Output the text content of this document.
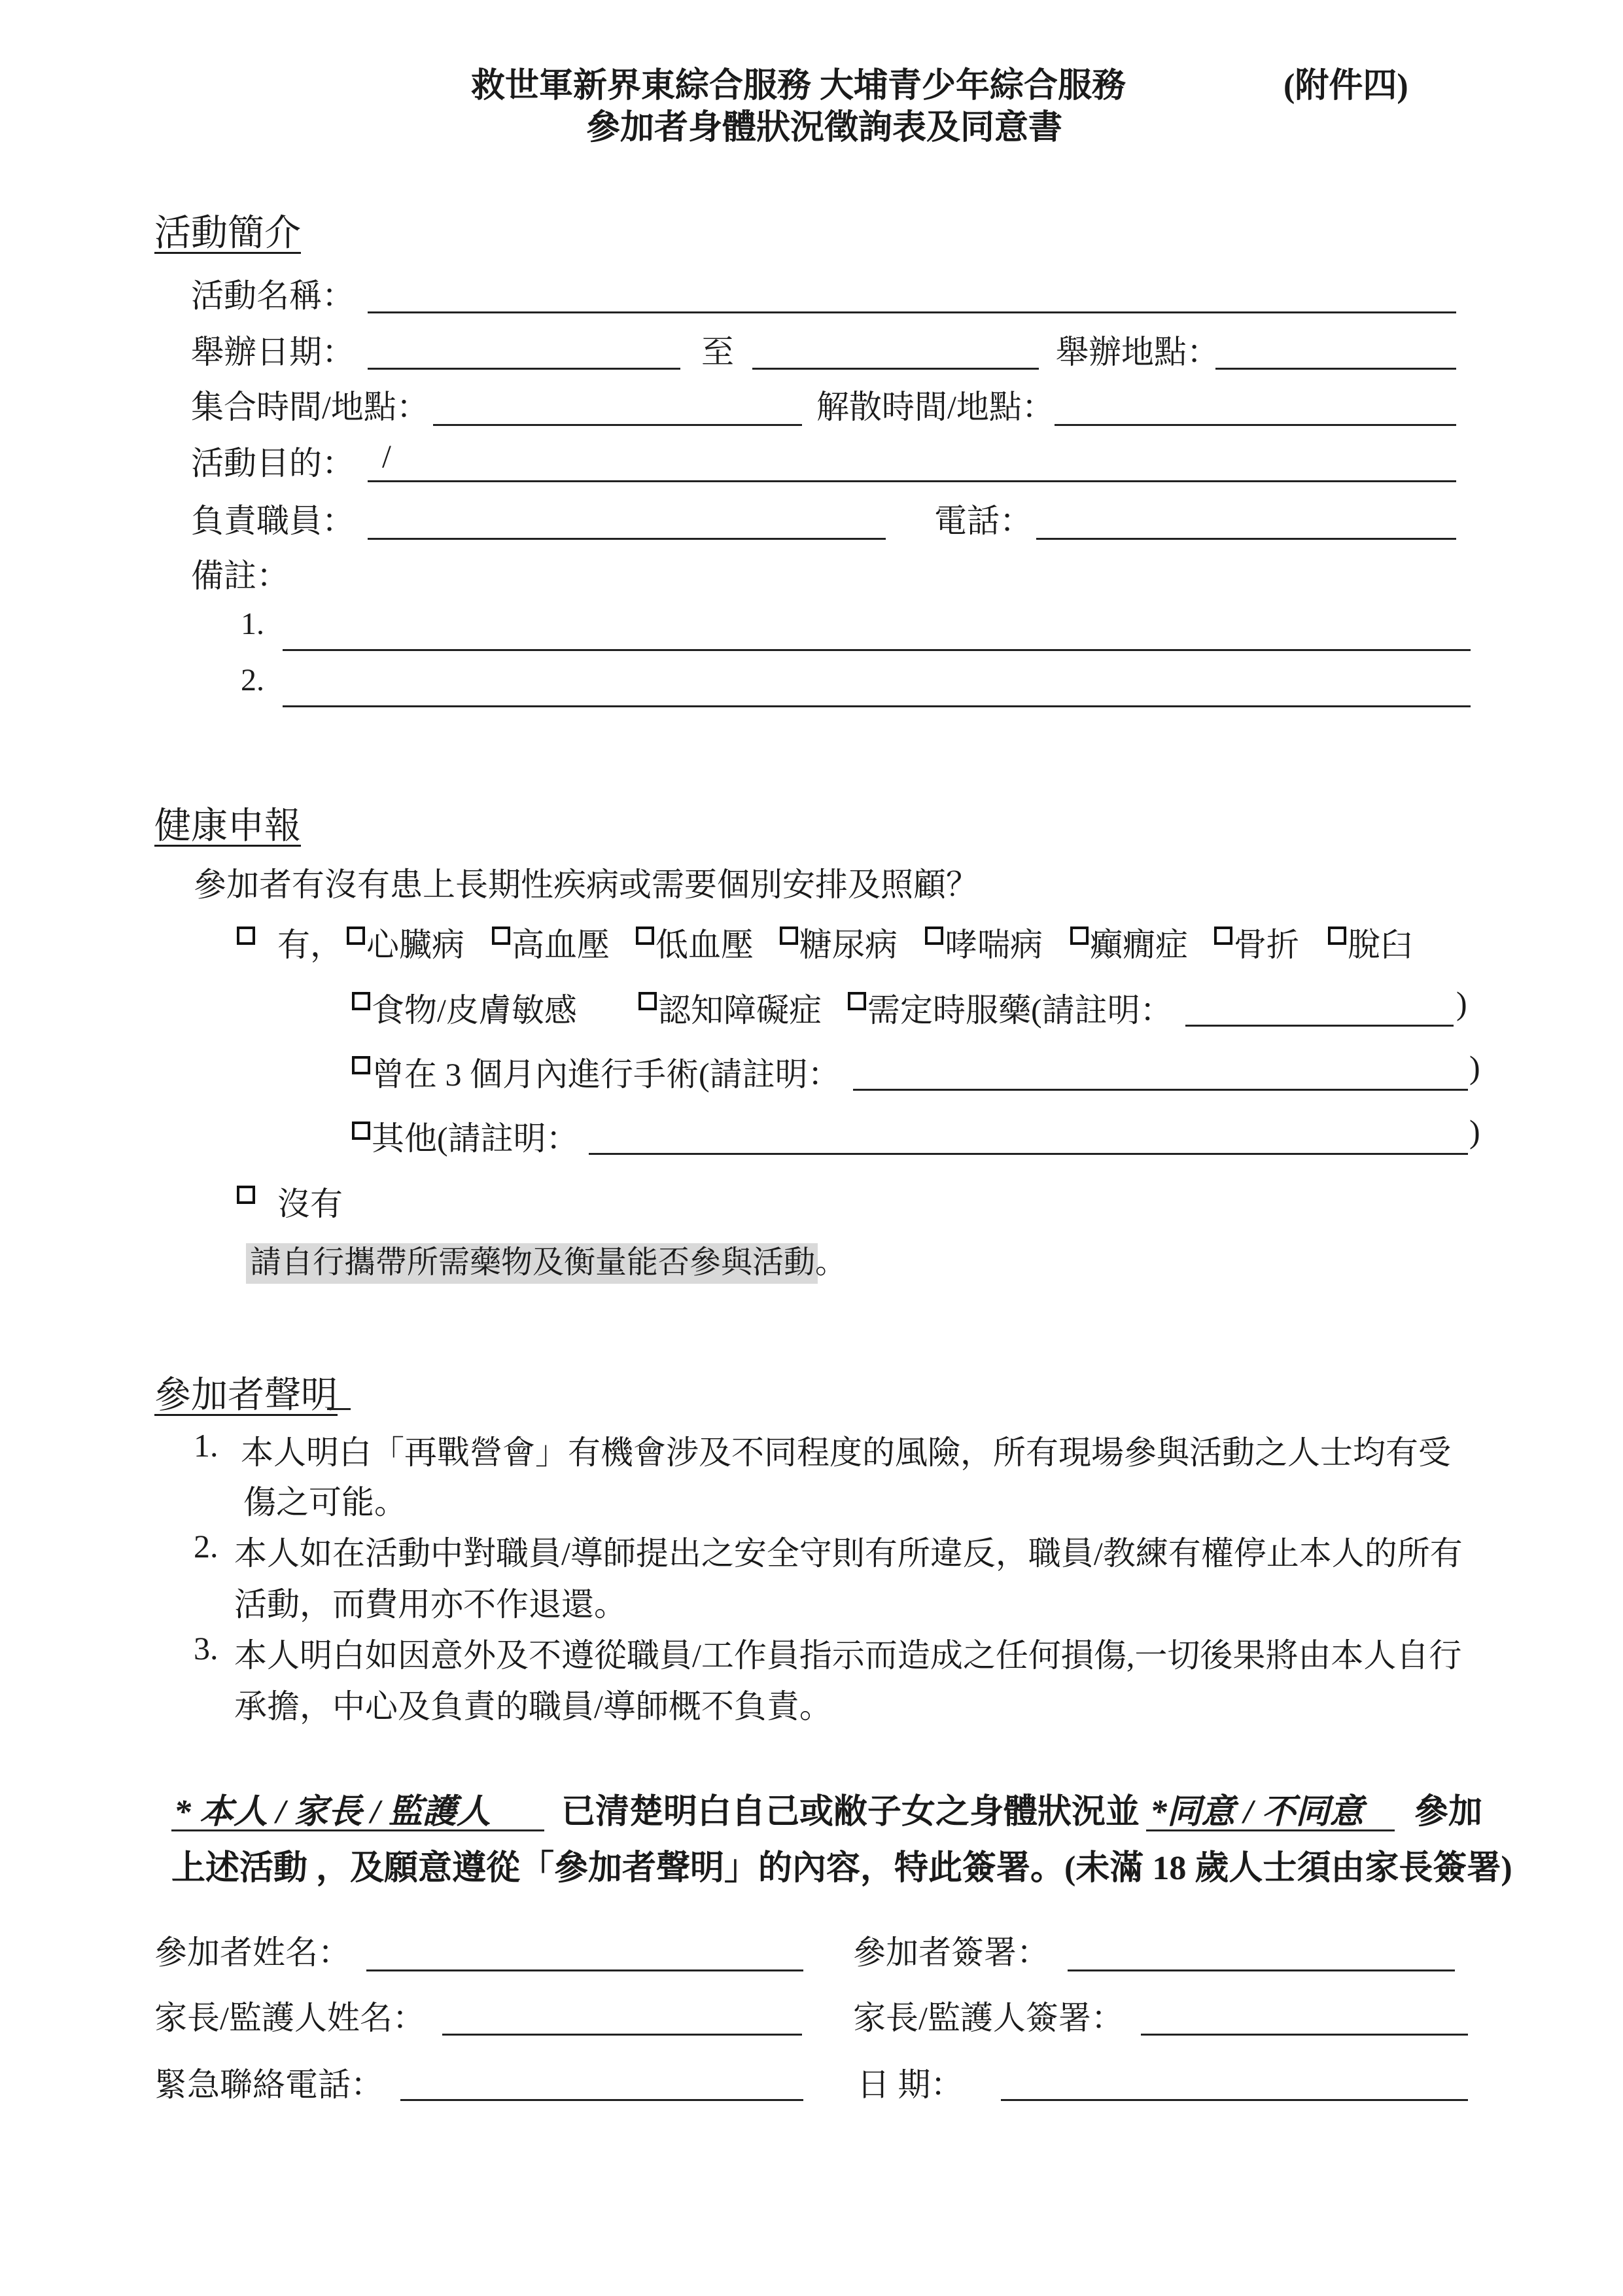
救世軍新界東綜合服務 大埔青少年綜合服務	(附件四)
參加者身體狀況徵詢表及同意書
活動簡介
活動名稱：
舉辦日期：	至	舉辦地點：
集合時間/地點：	解散時間/地點：
活動目的： /
負責職員：	電話：
備註：
1.
2.
健康申報
參加者有沒有患上長期性疾病或需要個別安排及照顧？
有， 心臟病 高血壓 低血壓 糖尿病 哮喘病 癲癇症 骨折 脫臼
食物/皮膚敏感 認知障礙症 需定時服藥(請註明：	)
曾在 3 個月內進行手術(請註明：	)
其他(請註明：	)
沒有
請自行攜帶所需藥物及衡量能否參與活動。
參加者聲明
1. 本人明白「再戰營會」有機會涉及不同程度的風險，所有現場參與活動之人士均有受
傷之可能。
2. 本人如在活動中對職員/導師提出之安全守則有所違反，職員/教練有權停止本人的所有
活動，而費用亦不作退還。
3. 本人明白如因意外及不遵從職員/工作員指示而造成之任何損傷,一切後果將由本人自行
承擔，中心及負責的職員/導師概不負責。
* 本人 / 家長 / 監護人 已清楚明白自己或敝子女之身體狀況並 *同意 / 不同意 參加
上述活動 ，及願意遵從「參加者聲明」的內容，特此簽署。(未滿 18 歲人士須由家長簽署)
參加者姓名：	參加者簽署：
家長/監護人姓名：	家長/監護人簽署：
緊急聯絡電話：	日 期：
